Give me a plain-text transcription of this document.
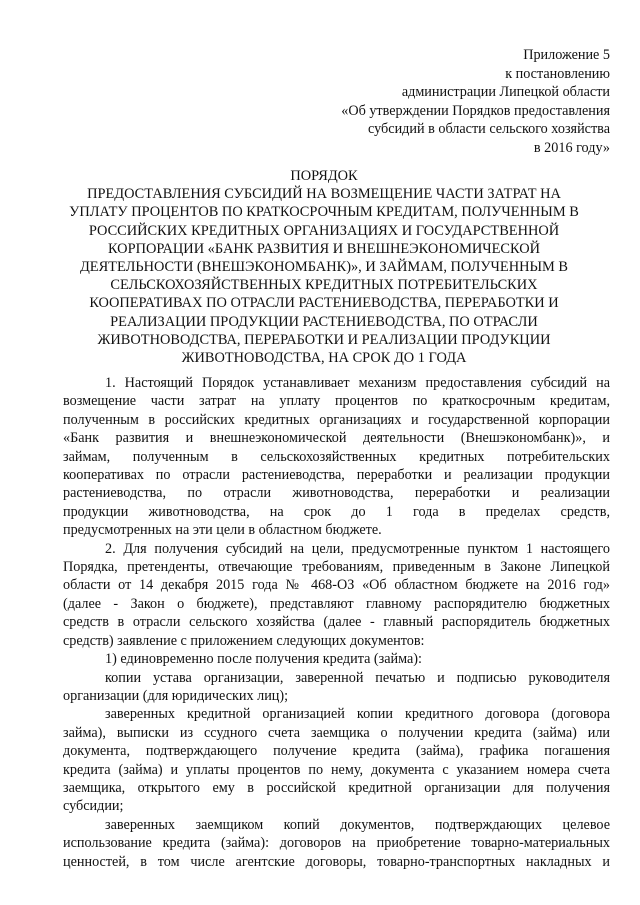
Приложение 5
к постановлению
администрации Липецкой области
«Об утверждении Порядков предоставления
субсидий в области сельского хозяйства
в 2016 году»
ПОРЯДОК
ПРЕДОСТАВЛЕНИЯ СУБСИДИЙ НА ВОЗМЕЩЕНИЕ ЧАСТИ ЗАТРАТ НА
УПЛАТУ ПРОЦЕНТОВ ПО КРАТКОСРОЧНЫМ КРЕДИТАМ, ПОЛУЧЕННЫМ В
РОССИЙСКИХ КРЕДИТНЫХ ОРГАНИЗАЦИЯХ И ГОСУДАРСТВЕННОЙ
КОРПОРАЦИИ «БАНК РАЗВИТИЯ И ВНЕШНЕЭКОНОМИЧЕСКОЙ
ДЕЯТЕЛЬНОСТИ (ВНЕШЭКОНОМБАНК)», И ЗАЙМАМ, ПОЛУЧЕННЫМ В
СЕЛЬСКОХОЗЯЙСТВЕННЫХ КРЕДИТНЫХ ПОТРЕБИТЕЛЬСКИХ
КООПЕРАТИВАХ ПО ОТРАСЛИ РАСТЕНИЕВОДСТВА, ПЕРЕРАБОТКИ И
РЕАЛИЗАЦИИ ПРОДУКЦИИ РАСТЕНИЕВОДСТВА, ПО ОТРАСЛИ
ЖИВОТНОВОДСТВА, ПЕРЕРАБОТКИ И РЕАЛИЗАЦИИ ПРОДУКЦИИ
ЖИВОТНОВОДСТВА, НА СРОК ДО 1 ГОДА
1. Настоящий Порядок устанавливает механизм предоставления субсидий на
возмещение части затрат на уплату процентов по краткосрочным кредитам,
полученным в российских кредитных организациях и государственной корпорации
«Банк развития и внешнеэкономической деятельности (Внешэкономбанк)», и
займам, полученным в сельскохозяйственных кредитных потребительских
кооперативах по отрасли растениеводства, переработки и реализации продукции
растениеводства, по отрасли животноводства, переработки и реализации
продукции животноводства, на срок до 1 года в пределах средств,
предусмотренных на эти цели в областном бюджете.
2. Для получения субсидий на цели, предусмотренные пунктом 1 настоящего
Порядка, претенденты, отвечающие требованиям, приведенным в Законе Липецкой
области от 14 декабря 2015 года № 468-ОЗ «Об областном бюджете на 2016 год»
(далее - Закон о бюджете), представляют главному распорядителю бюджетных
средств в отрасли сельского хозяйства (далее - главный распорядитель бюджетных
средств) заявление с приложением следующих документов:
1) единовременно после получения кредита (займа):
копии устава организации, заверенной печатью и подписью руководителя
организации (для юридических лиц);
заверенных кредитной организацией копии кредитного договора (договора
займа), выписки из ссудного счета заемщика о получении кредита (займа) или
документа, подтверждающего получение кредита (займа), графика погашения
кредита (займа) и уплаты процентов по нему, документа с указанием номера счета
заемщика, открытого ему в российской кредитной организации для получения
субсидии;
заверенных заемщиком копий документов, подтверждающих целевое
использование кредита (займа): договоров на приобретение товарно-материальных
ценностей, в том числе агентские договоры, товарно-транспортных накладных и
